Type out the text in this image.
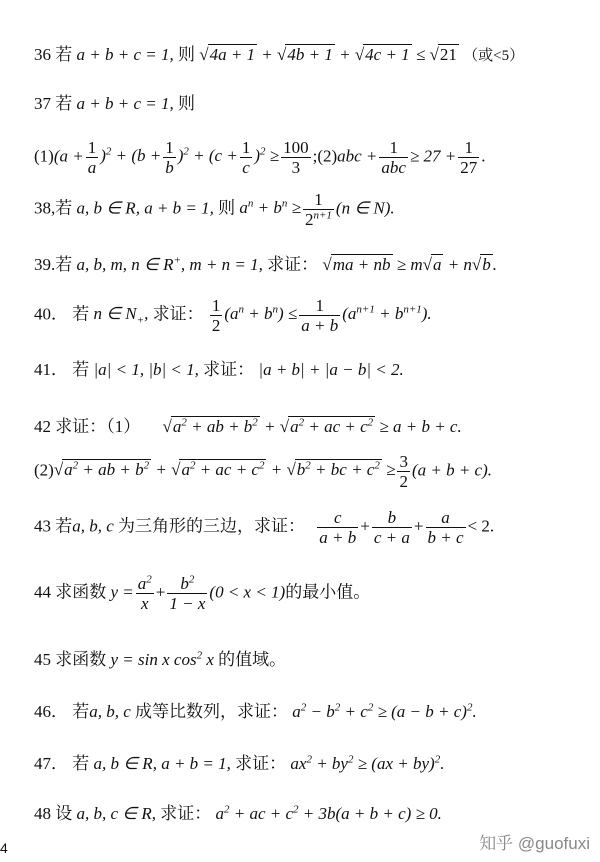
36 若 a + b + c = 1, 则 √4a + 1 + √4b + 1 + √4c + 1 ≤ √21 （或<5）
37 若 a + b + c = 1, 则
$(1)(a + \frac{1}{a} )^2 + (b + \frac{1}{b} )^2 + (c + \frac{1}{c} )^2 \ge \frac{100}{3}$ ;(2)abc + $\frac{1}{\text{abc}} \ge 27 + \frac{1}{27}$ .
38,若 a, b ∈ R, a + b = 1, 则 $a^n + b^n \ge \frac{1}{2^{n+1}} (n$ ∈ N).
39.若 a, b, m, n ∈ R+, m + n = 1, 求证： √ma + nb ≥ m√a + n√b .
40． 若 n ∈ $N_+$, 求证： $\frac{1}{2} (a^n + b^n) \le \frac{1}{a + b} (a^{n+1} + b^{n+1})$.
41． 若 |a| < 1, |b| < 1, 求证： |a + b| + |a − b| < 2.
42 求证：（1） $√a^2$ + ab + $b^2 + √a^2$ + ac + $c^2 \ge a + b + c$.
$(2)√a^2$ + ab + $b^2 + √a^2$ + ac + $c^2 + √b^2$ + bc + $c^2 \ge \frac{3}{2} (a + b + c)$.
43 若a, b, c 为三角形的三边，求证： $\frac{c}{a + b} + \frac{b}{c + a} + \frac{a}{b + c} < 2$.
44 求函数 $y = \frac{a^2}{x} + \frac{b^2}{1 - x} (0 < x < 1)$的最小值。
45 求函数 y = sin x $\cos^2 x$ 的值域。
46． 若a, b, c 成等比数列，求证： $a^2 - b^2 + c^2 \ge (a - b + c)^2$.
47． 若 a, b ∈ R, a + b = 1, 求证： $ax^2 + by^2 \ge (ax + by)^2$.
48 设 a, b, c ∈ R, 求证： $a^2$ + ac + $c^2 + 3b(a + b + c) \ge 0$.
4	知乎 @guofuxi
